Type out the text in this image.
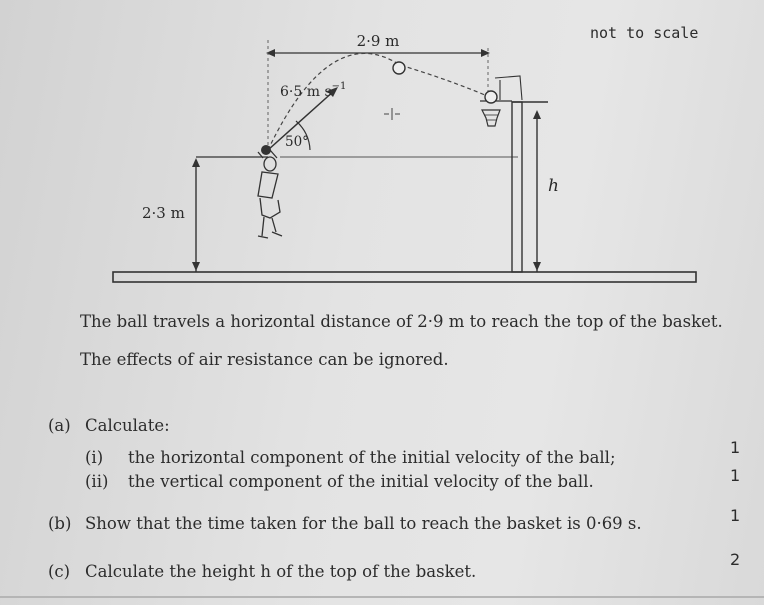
2·9 m
6·5 m $s^{-1}$
50°
2·3 m
h
not to scale
The ball travels a horizontal distance of 2·9 m to reach the top of the basket.
The effects of air resistance can be ignored.
(a) Calculate:
(i) the horizontal component of the initial velocity of the ball;
1
(ii) the vertical component of the initial velocity of the ball.	1
(b) Show that the time taken for the ball to reach the basket is 0·69 s.	1
(c) Calculate the height h of the top of the basket.
2
